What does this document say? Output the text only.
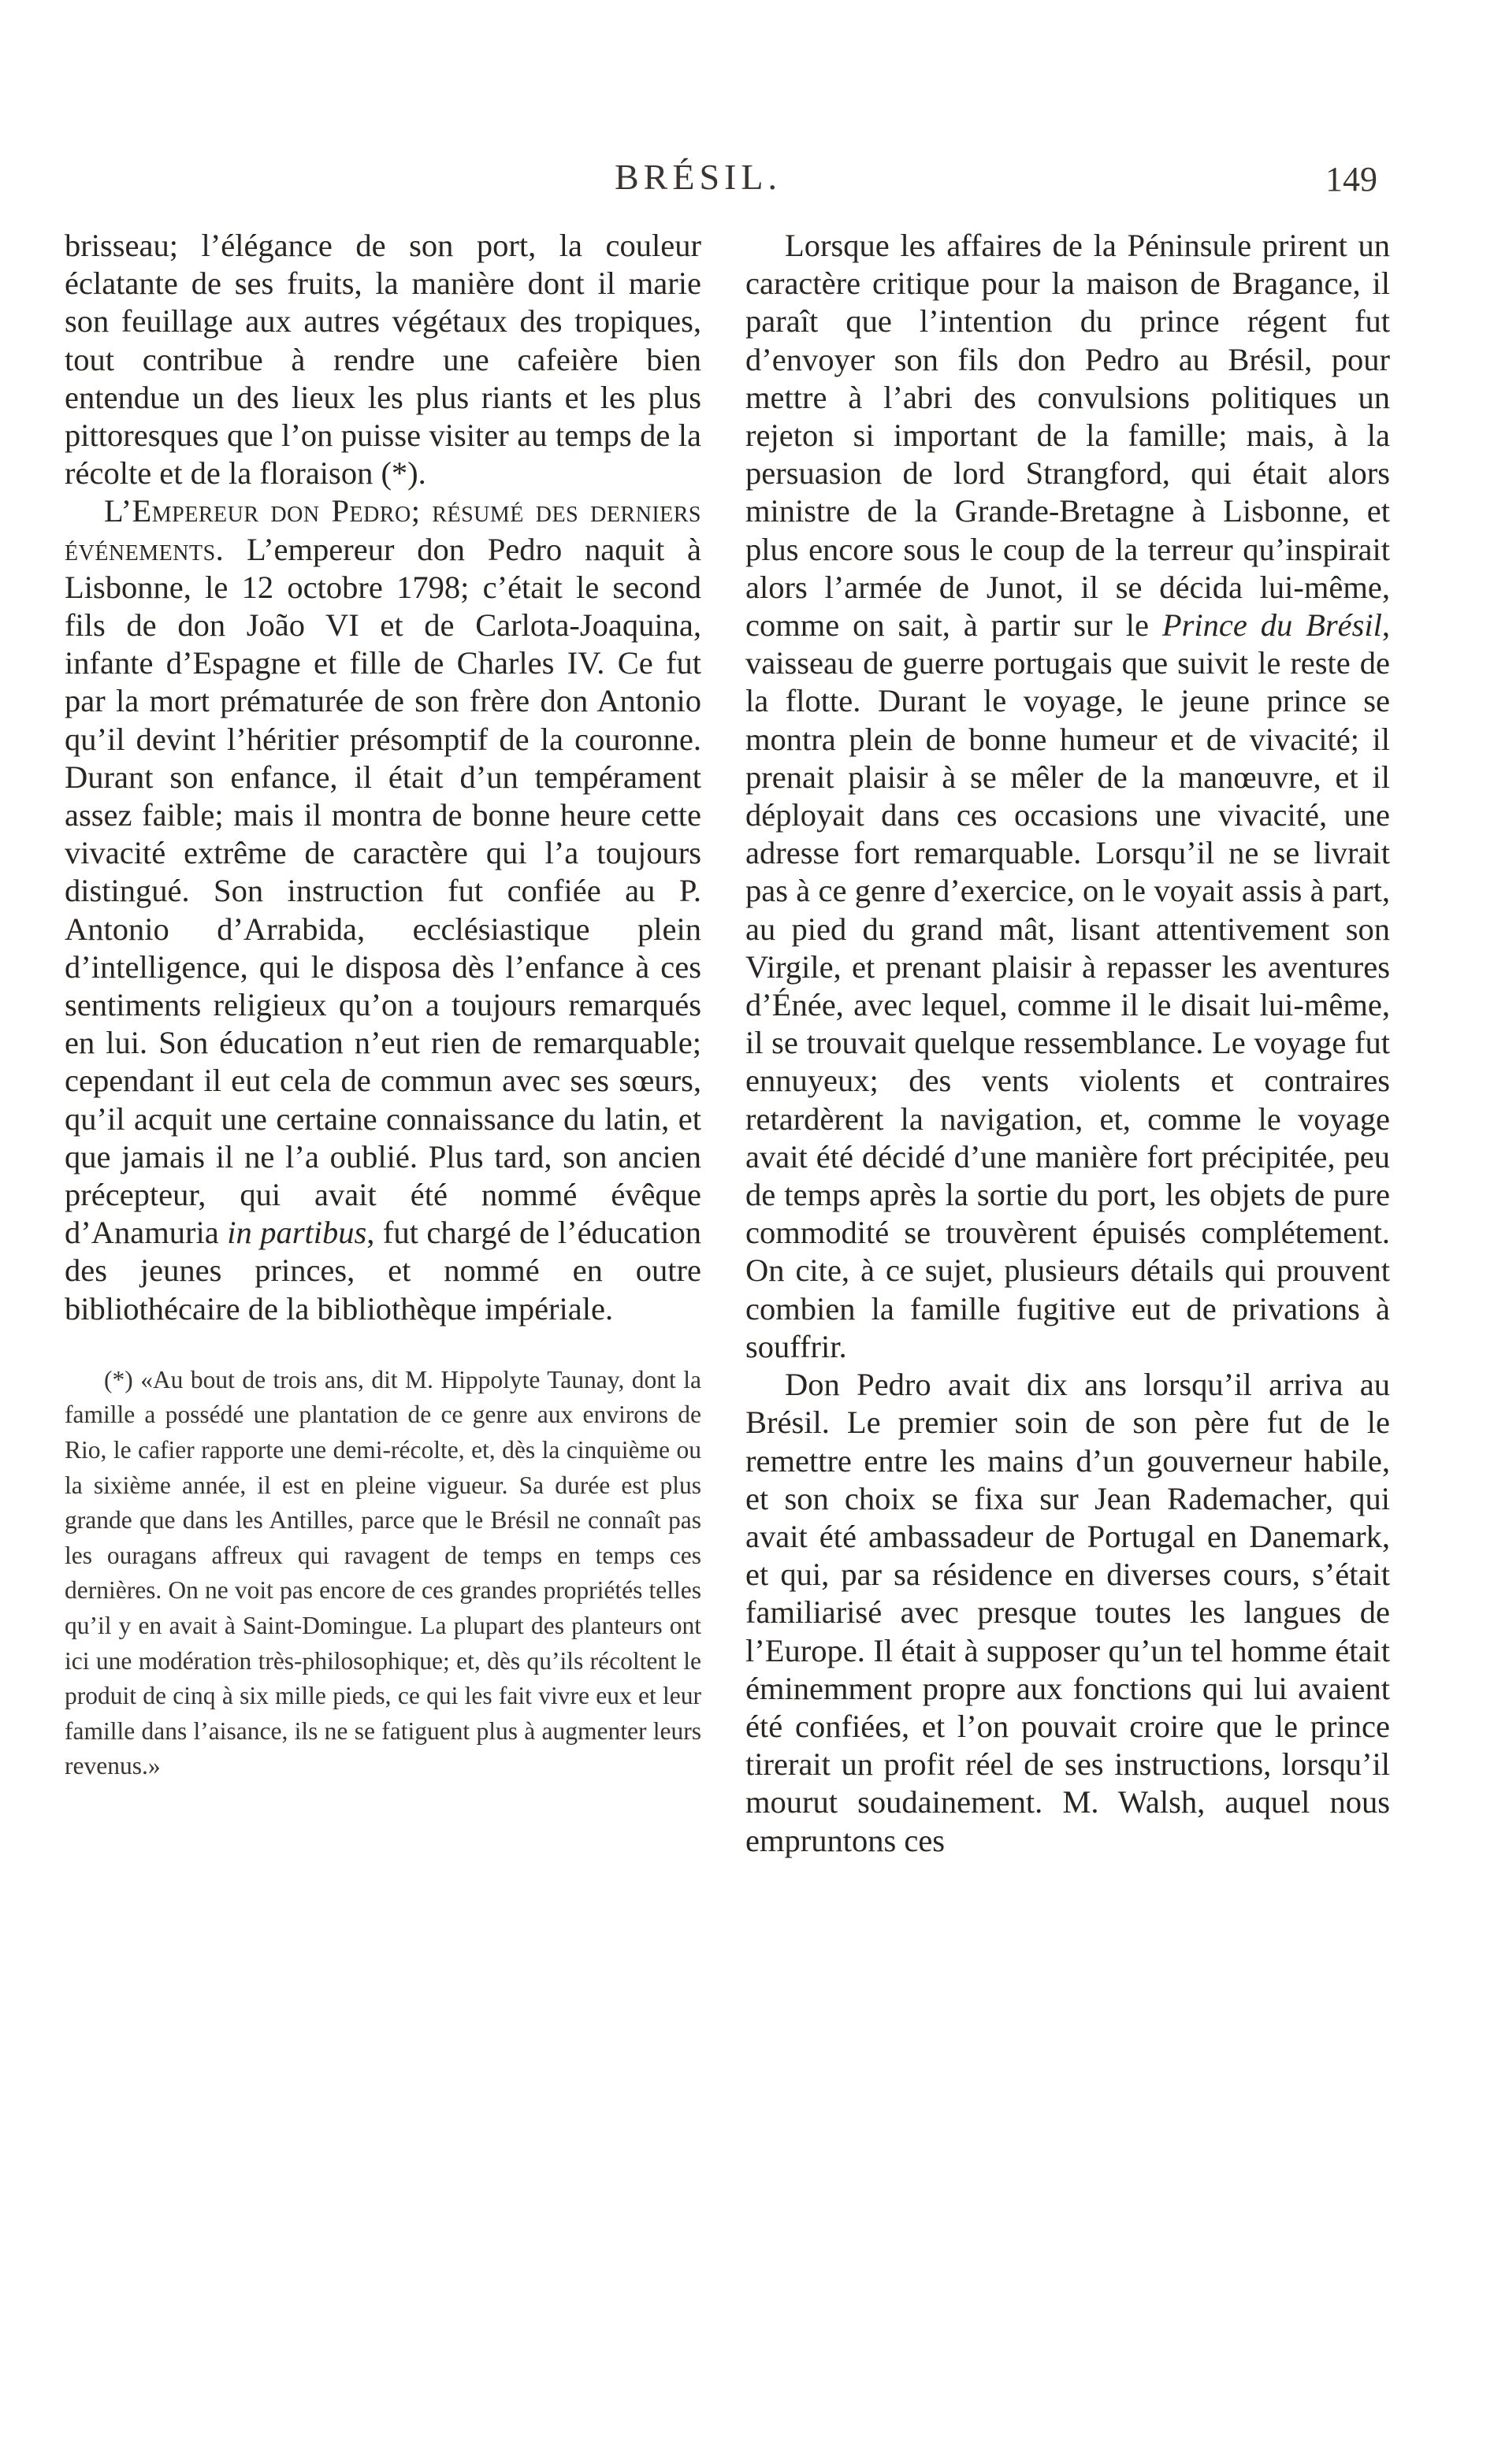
BRÉSIL.	149

brisseau; l’élégance de son port, la couleur éclatante de ses fruits, la manière dont il marie son feuillage aux autres végétaux des tropiques, tout contribue à rendre une cafeière bien entendue un des lieux les plus riants et les plus pittoresques que l’on puisse visiter au temps de la récolte et de la floraison (*).

L’Empereur don Pedro; résumé des derniers événements. L’empereur don Pedro naquit à Lisbonne, le 12 octobre 1798; c’était le second fils de don João VI et de Carlota-Joaquina, infante d’Espagne et fille de Charles IV. Ce fut par la mort prématurée de son frère don Antonio qu’il devint l’héritier présomptif de la couronne. Durant son enfance, il était d’un tempérament assez faible; mais il montra de bonne heure cette vivacité extrême de caractère qui l’a toujours distingué. Son instruction fut confiée au P. Antonio d’Arrabida, ecclésiastique plein d’intelligence, qui le disposa dès l’enfance à ces sentiments religieux qu’on a toujours remarqués en lui. Son éducation n’eut rien de remarquable; cependant il eut cela de commun avec ses sœurs, qu’il acquit une certaine connaissance du latin, et que jamais il ne l’a oublié. Plus tard, son ancien précepteur, qui avait été nommé évêque d’Anamuria in partibus, fut chargé de l’éducation des jeunes princes, et nommé en outre bibliothécaire de la bibliothèque impériale.

(*) «Au bout de trois ans, dit M. Hippolyte Taunay, dont la famille a possédé une plantation de ce genre aux environs de Rio, le cafier rapporte une demi-récolte, et, dès la cinquième ou la sixième année, il est en pleine vigueur. Sa durée est plus grande que dans les Antilles, parce que le Brésil ne connaît pas les ouragans affreux qui ravagent de temps en temps ces dernières. On ne voit pas encore de ces grandes propriétés telles qu’il y en avait à Saint-Domingue. La plupart des planteurs ont ici une modération très-philosophique; et, dès qu’ils récoltent le produit de cinq à six mille pieds, ce qui les fait vivre eux et leur famille dans l’aisance, ils ne se fatiguent plus à augmenter leurs revenus.»

Lorsque les affaires de la Péninsule prirent un caractère critique pour la maison de Bragance, il paraît que l’intention du prince régent fut d’envoyer son fils don Pedro au Brésil, pour mettre à l’abri des convulsions politiques un rejeton si important de la famille; mais, à la persuasion de lord Strangford, qui était alors ministre de la Grande-Bretagne à Lisbonne, et plus encore sous le coup de la terreur qu’inspirait alors l’armée de Junot, il se décida lui-même, comme on sait, à partir sur le Prince du Brésil, vaisseau de guerre portugais que suivit le reste de la flotte. Durant le voyage, le jeune prince se montra plein de bonne humeur et de vivacité; il prenait plaisir à se mêler de la manœuvre, et il déployait dans ces occasions une vivacité, une adresse fort remarquable. Lorsqu’il ne se livrait pas à ce genre d’exercice, on le voyait assis à part, au pied du grand mât, lisant attentivement son Virgile, et prenant plaisir à repasser les aventures d’Énée, avec lequel, comme il le disait lui-même, il se trouvait quelque ressemblance. Le voyage fut ennuyeux; des vents violents et contraires retardèrent la navigation, et, comme le voyage avait été décidé d’une manière fort précipitée, peu de temps après la sortie du port, les objets de pure commodité se trouvèrent épuisés complétement. On cite, à ce sujet, plusieurs détails qui prouvent combien la famille fugitive eut de privations à souffrir.

Don Pedro avait dix ans lorsqu’il arriva au Brésil. Le premier soin de son père fut de le remettre entre les mains d’un gouverneur habile, et son choix se fixa sur Jean Rademacher, qui avait été ambassadeur de Portugal en Danemark, et qui, par sa résidence en diverses cours, s’était familiarisé avec presque toutes les langues de l’Europe. Il était à supposer qu’un tel homme était éminemment propre aux fonctions qui lui avaient été confiées, et l’on pouvait croire que le prince tirerait un profit réel de ses instructions, lorsqu’il mourut soudainement. M. Walsh, auquel nous empruntons ces
